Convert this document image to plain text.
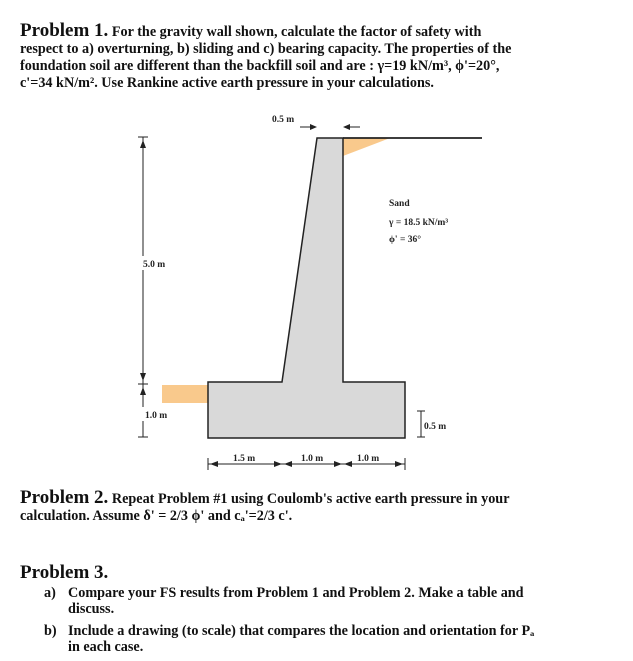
Problem 1. For the gravity wall shown, calculate the factor of safety with
respect to a) overturning, b) sliding and c) bearing capacity. The properties of the
foundation soil are different than the backfill soil and are : γ=19 kN/m³, ϕ'=20°,
c'=34 kN/m². Use Rankine active earth pressure in your calculations.
0.5 m
Sand
γ = 18.5 kN/m³
ϕ' = 36°
5.0 m
1.0 m
0.5 m
1.5 m	1.0 m	1.0 m
Problem 2. Repeat Problem #1 using Coulomb's active earth pressure in your
calculation. Assume δ' = 2/3 ϕ' and cₐ'=2/3 c'.
Problem 3.
a) Compare your FS results from Problem 1 and Problem 2. Make a table and
discuss.
b) Include a drawing (to scale) that compares the location and orientation for Pₐ
in each case.
